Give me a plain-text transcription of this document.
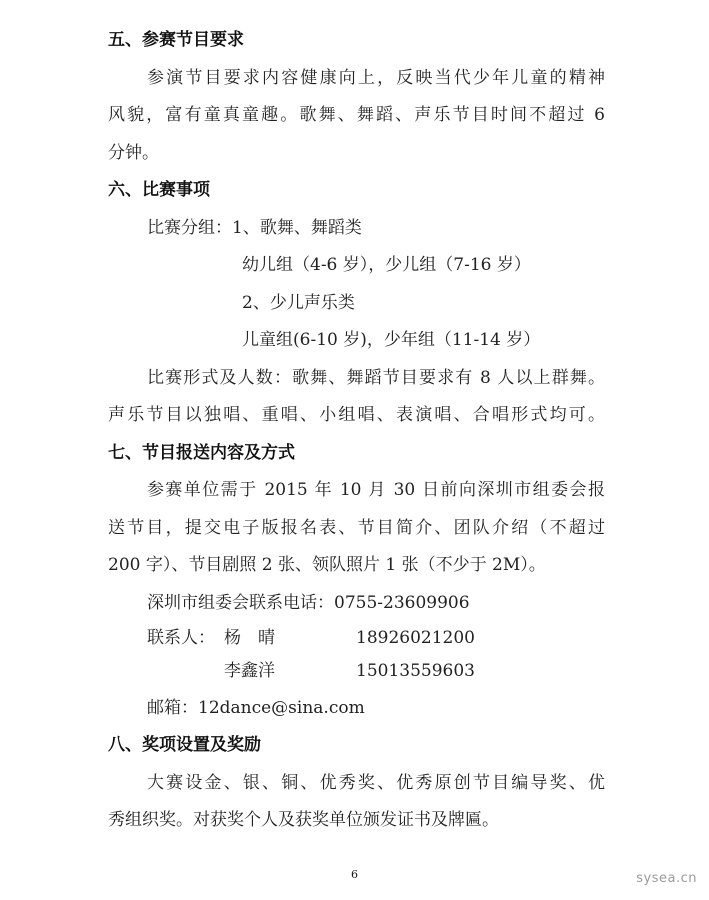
五、参赛节目要求
参演节目要求内容健康向上，反映当代少年儿童的精神
风貌，富有童真童趣。歌舞、舞蹈、声乐节目时间不超过 6
分钟。
六、比赛事项
比赛分组：1、歌舞、舞蹈类
幼儿组（4-6 岁），少儿组（7-16 岁）
2、少儿声乐类
儿童组(6-10 岁)，少年组（11-14 岁）
比赛形式及人数：歌舞、舞蹈节目要求有 8 人以上群舞。
声乐节目以独唱、重唱、小组唱、表演唱、合唱形式均可。
七、节目报送内容及方式
参赛单位需于 2015 年 10 月 30 日前向深圳市组委会报
送节目，提交电子版报名表、节目简介、团队介绍（不超过
200 字）、节目剧照 2 张、领队照片 1 张（不少于 2M）。
深圳市组委会联系电话：0755-23609906
联系人： 杨　晴	18926021200
李鑫洋	15013559603
邮箱：12dance@sina.com
八、奖项设置及奖励
大赛设金、银、铜、优秀奖、优秀原创节目编导奖、优
秀组织奖。对获奖个人及获奖单位颁发证书及牌匾。
6	sysea.cn
